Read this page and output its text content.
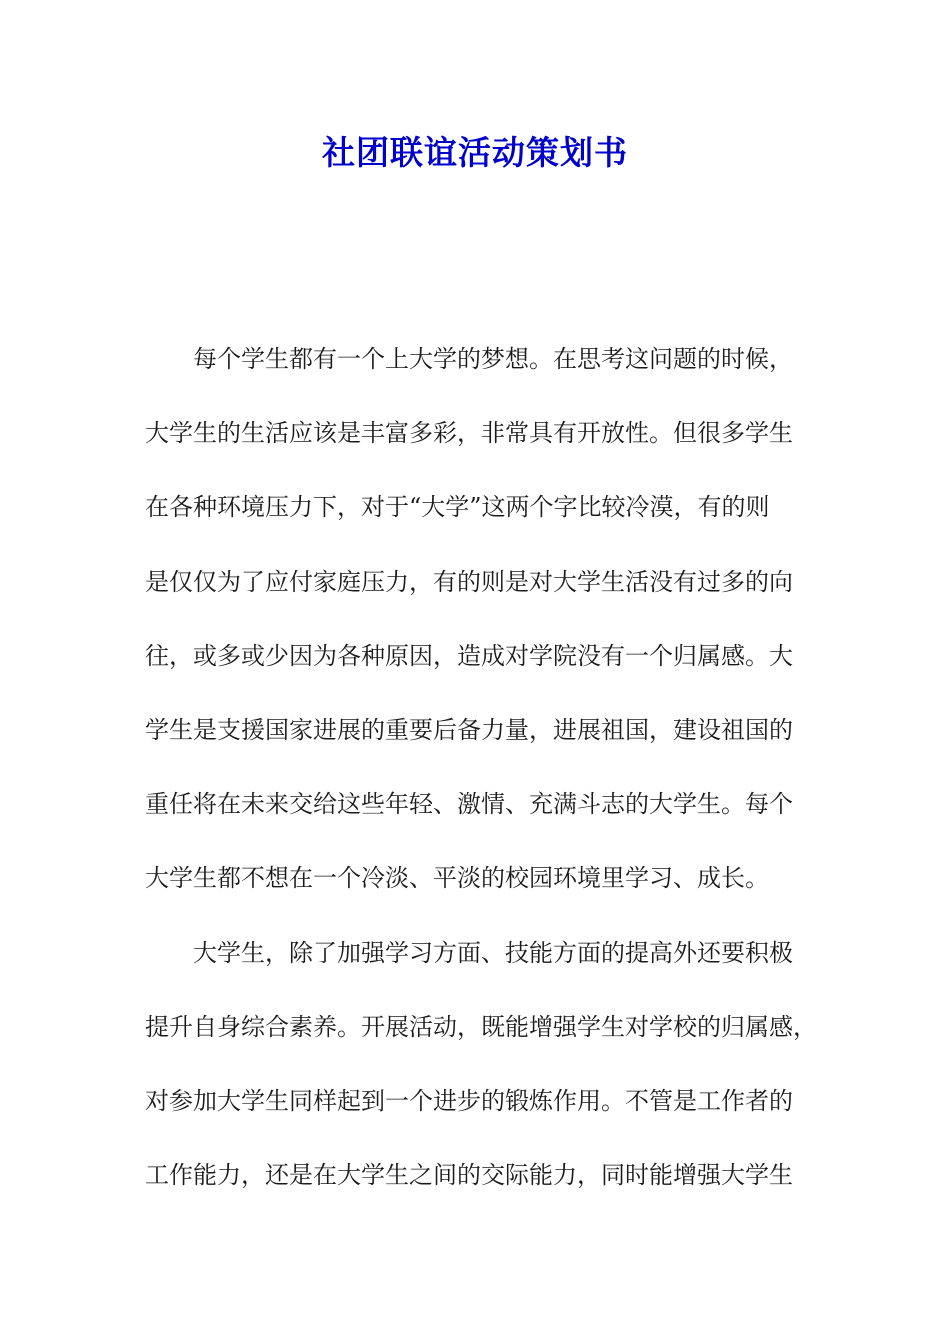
社团联谊活动策划书
每个学生都有一个上大学的梦想。在思考这问题的时候，
大学生的生活应该是丰富多彩，非常具有开放性。但很多学生
在各种环境压力下，对于“大学”这两个字比较冷漠，有的则
是仅仅为了应付家庭压力，有的则是对大学生活没有过多的向
往，或多或少因为各种原因，造成对学院没有一个归属感。大
学生是支援国家进展的重要后备力量，进展祖国，建设祖国的
重任将在未来交给这些年轻、激情、充满斗志的大学生。每个
大学生都不想在一个冷淡、平淡的校园环境里学习、成长。
大学生，除了加强学习方面、技能方面的提高外还要积极
提升自身综合素养。开展活动，既能增强学生对学校的归属感，
对参加大学生同样起到一个进步的锻炼作用。不管是工作者的
工作能力，还是在大学生之间的交际能力，同时能增强大学生
